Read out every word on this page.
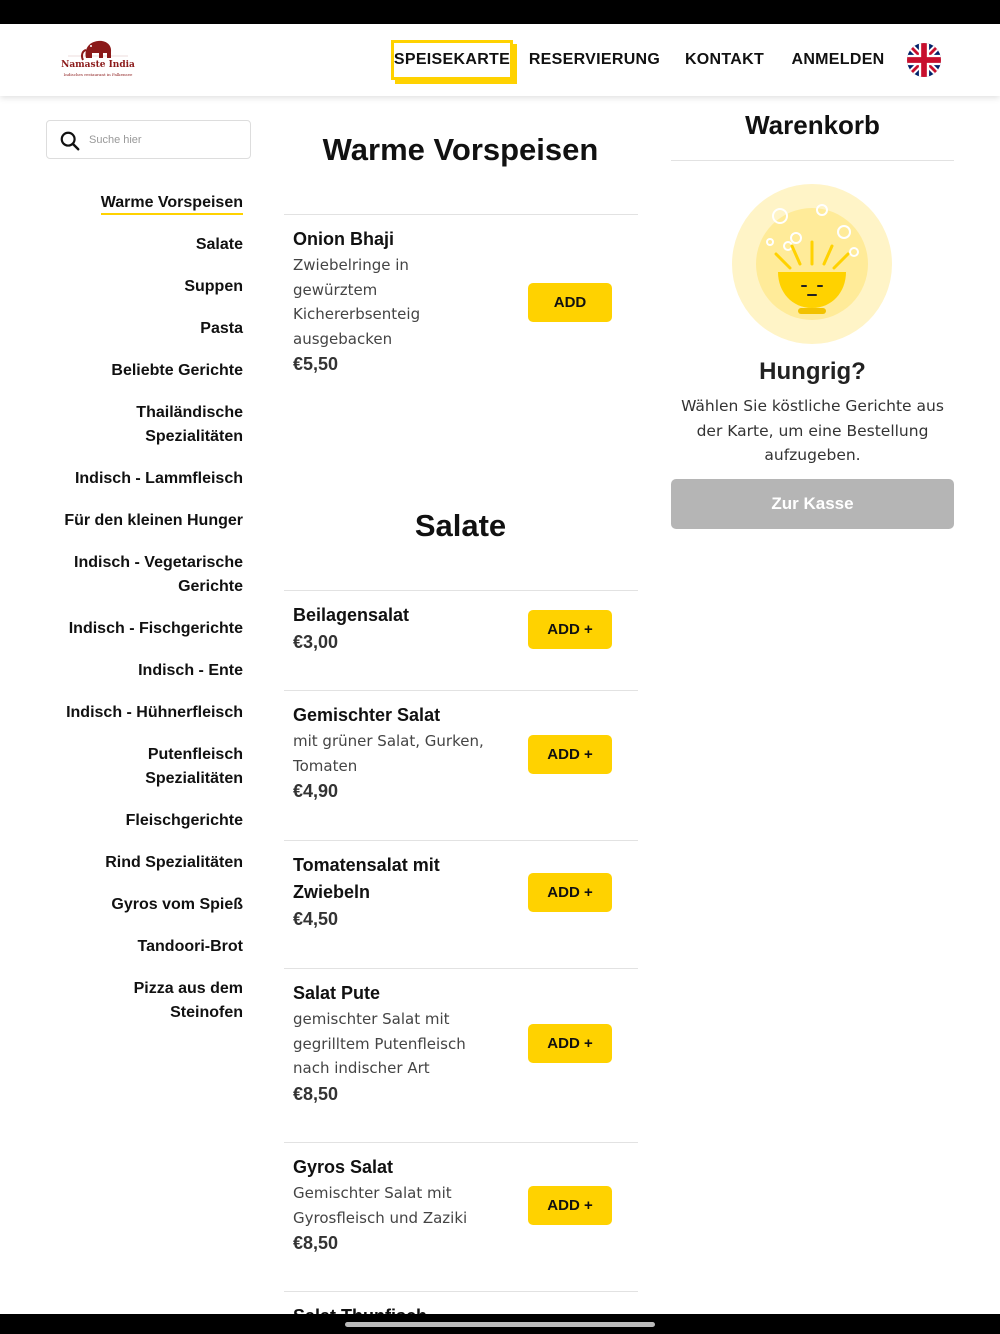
Namaste India
Indisches restaurant in Falkensee
SPEISEKARTE RESERVIERUNG KONTAKT ANMELDEN
Suche hier
Warme Vorspeisen
Salate
Suppen
Pasta
Beliebte Gerichte
Thailändische Spezialitäten
Indisch - Lammfleisch
Für den kleinen Hunger
Indisch - Vegetarische Gerichte
Indisch - Fischgerichte
Indisch - Ente
Indisch - Hühnerfleisch
Putenfleisch Spezialitäten
Fleischgerichte
Rind Spezialitäten
Gyros vom Spieß
Tandoori-Brot
Pizza aus dem Steinofen
Warme Vorspeisen
Onion Bhaji
Zwiebelringe in gewürztem Kichererbsenteig ausgebacken
€5,50
ADD
Salate
Beilagensalat
€3,00
ADD +
Gemischter Salat
mit grüner Salat, Gurken, Tomaten
€4,90
ADD +
Tomatensalat mit Zwiebeln
€4,50
ADD +
Salat Pute
gemischter Salat mit gegrilltem Putenfleisch nach indischer Art
€8,50
ADD +
Gyros Salat
Gemischter Salat mit Gyrosfleisch und Zaziki
€8,50
ADD +
Warenkorb
Hungrig?
Wählen Sie köstliche Gerichte aus der Karte, um eine Bestellung aufzugeben.
Zur Kasse
